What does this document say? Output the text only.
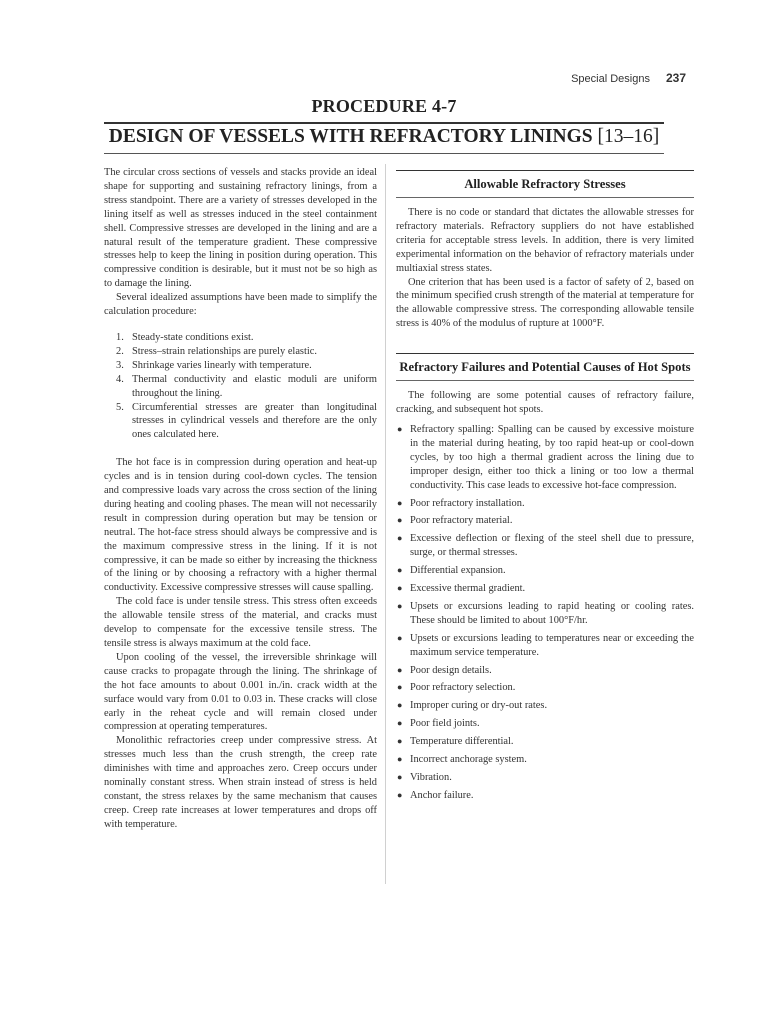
Special Designs 237
PROCEDURE 4-7
DESIGN OF VESSELS WITH REFRACTORY LININGS [13–16]

The circular cross sections of vessels and stacks provide an ideal shape for supporting and sustaining refractory linings, from a stress standpoint. There are a variety of stresses developed in the lining itself as well as stresses induced in the steel containment shell. Compressive stresses are developed in the lining and are a natural result of the temperature gradient. These compressive stresses help to keep the lining in position during operation. This compressive condition is desirable, but it must not be so high as to damage the lining.

Several idealized assumptions have been made to simplify the calculation procedure:

1. Steady-state conditions exist.
2. Stress–strain relationships are purely elastic.
3. Shrinkage varies linearly with temperature.
4. Thermal conductivity and elastic moduli are uniform throughout the lining.
5. Circumferential stresses are greater than longitudinal stresses in cylindrical vessels and therefore are the only ones calculated here.

The hot face is in compression during operation and heat-up cycles and is in tension during cool-down cycles. The tension and compressive loads vary across the cross section of the lining during heating and cooling phases. The mean will not necessarily result in compression during operation but may be tension or neutral. The hot-face stress should always be compressive and is the maximum compressive stress in the lining. If it is not compressive, it can be made so either by increasing the thickness of the lining or by choosing a refractory with a higher thermal conductivity. Excessive compressive stresses will cause spalling.

The cold face is under tensile stress. This stress often exceeds the allowable tensile stress of the material, and cracks must develop to compensate for the excessive tensile stress. The tensile stress is always maximum at the cold face.

Upon cooling of the vessel, the irreversible shrinkage will cause cracks to propagate through the lining. The shrinkage of the hot face amounts to about 0.001 in./in. crack width at the surface would vary from 0.01 to 0.03 in. These cracks will close early in the reheat cycle and will remain closed under compression at operating temperatures.

Monolithic refractories creep under compressive stress. At stresses much less than the crush strength, the creep rate diminishes with time and approaches zero. Creep occurs under nominally constant stress. When strain instead of stress is held constant, the stress relaxes by the same mechanism that causes creep. Creep rate increases at lower temperatures and drops off with temperature.

Allowable Refractory Stresses

There is no code or standard that dictates the allowable stresses for refractory materials. Refractory suppliers do not have established criteria for acceptable stress levels. In addition, there is very limited experimental information on the behavior of refractory materials under multiaxial stress states.

One criterion that has been used is a factor of safety of 2, based on the minimum specified crush strength of the material at temperature for the allowable compressive stress. The corresponding allowable tensile stress is 40% of the modulus of rupture at 1000°F.

Refractory Failures and Potential Causes of Hot Spots

The following are some potential causes of refractory failure, cracking, and subsequent hot spots.

● Refractory spalling: Spalling can be caused by excessive moisture in the material during heating, by too rapid heat-up or cool-down cycles, by too high a thermal gradient across the lining due to improper design, either too thick a lining or too low a thermal conductivity. This case leads to excessive hot-face compression.
● Poor refractory installation.
● Poor refractory material.
● Excessive deflection or flexing of the steel shell due to pressure, surge, or thermal stresses.
● Differential expansion.
● Excessive thermal gradient.
● Upsets or excursions leading to rapid heating or cooling rates. These should be limited to about 100°F/hr.
● Upsets or excursions leading to temperatures near or exceeding the maximum service temperature.
● Poor design details.
● Poor refractory selection.
● Improper curing or dry-out rates.
● Poor field joints.
● Temperature differential.
● Incorrect anchorage system.
● Vibration.
● Anchor failure.
